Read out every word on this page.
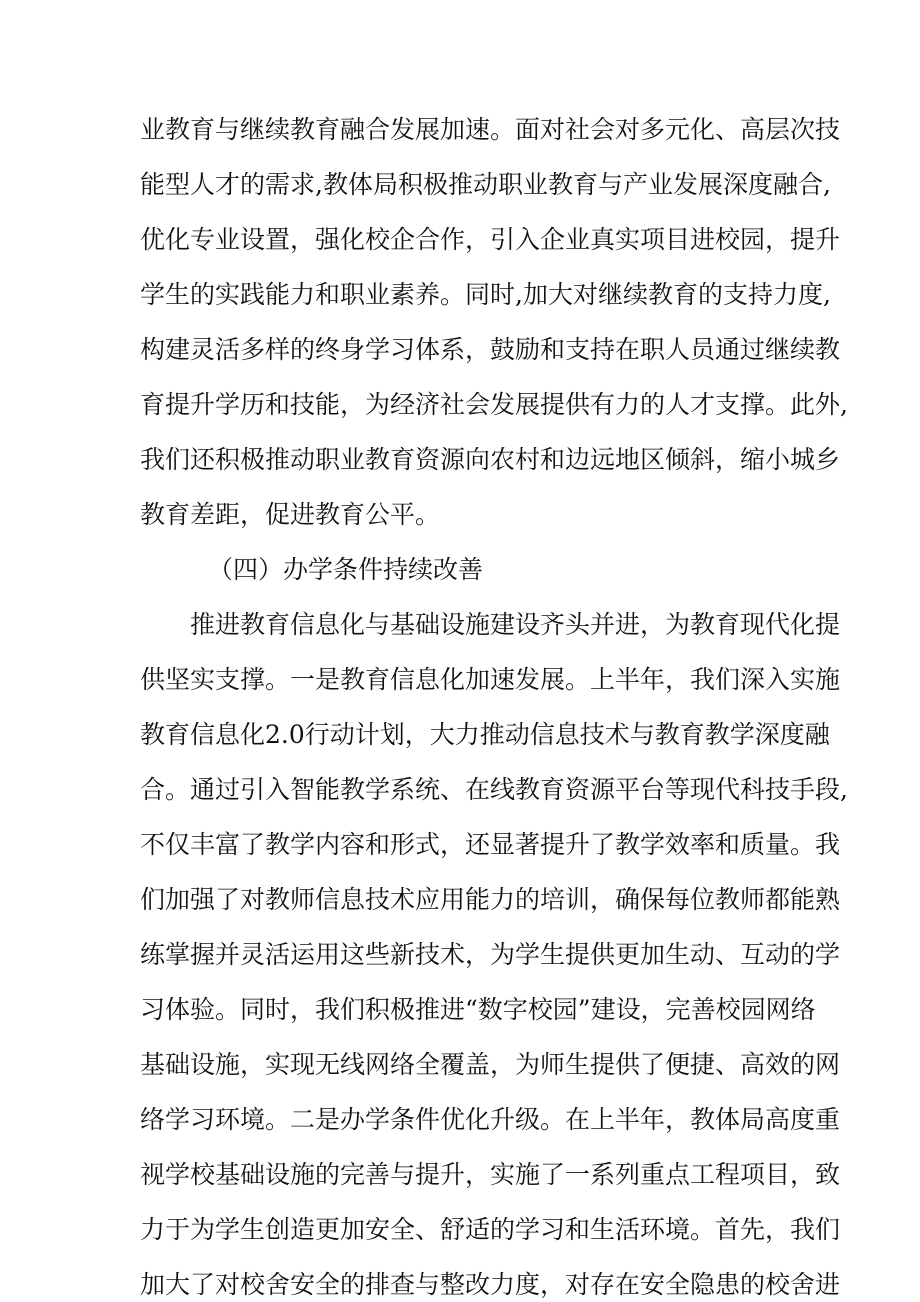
业教育与继续教育融合发展加速。面对社会对多元化、高层次技
能型人才的需求,教体局积极推动职业教育与产业发展深度融合,
优化专业设置，强化校企合作，引入企业真实项目进校园，提升
学生的实践能力和职业素养。同时,加大对继续教育的支持力度,
构建灵活多样的终身学习体系，鼓励和支持在职人员通过继续教
育提升学历和技能，为经济社会发展提供有力的人才支撑。此外,
我们还积极推动职业教育资源向农村和边远地区倾斜，缩小城乡
教育差距，促进教育公平。
（四）办学条件持续改善
推进教育信息化与基础设施建设齐头并进，为教育现代化提
供坚实支撑。一是教育信息化加速发展。上半年，我们深入实施
教育信息化2.0行动计划，大力推动信息技术与教育教学深度融
合。通过引入智能教学系统、在线教育资源平台等现代科技手段,
不仅丰富了教学内容和形式，还显著提升了教学效率和质量。我
们加强了对教师信息技术应用能力的培训，确保每位教师都能熟
练掌握并灵活运用这些新技术，为学生提供更加生动、互动的学
习体验。同时，我们积极推进“数字校园”建设，完善校园网络
基础设施，实现无线网络全覆盖，为师生提供了便捷、高效的网
络学习环境。二是办学条件优化升级。在上半年，教体局高度重
视学校基础设施的完善与提升，实施了一系列重点工程项目，致
力于为学生创造更加安全、舒适的学习和生活环境。首先，我们
加大了对校舍安全的排查与整改力度，对存在安全隐患的校舍进
